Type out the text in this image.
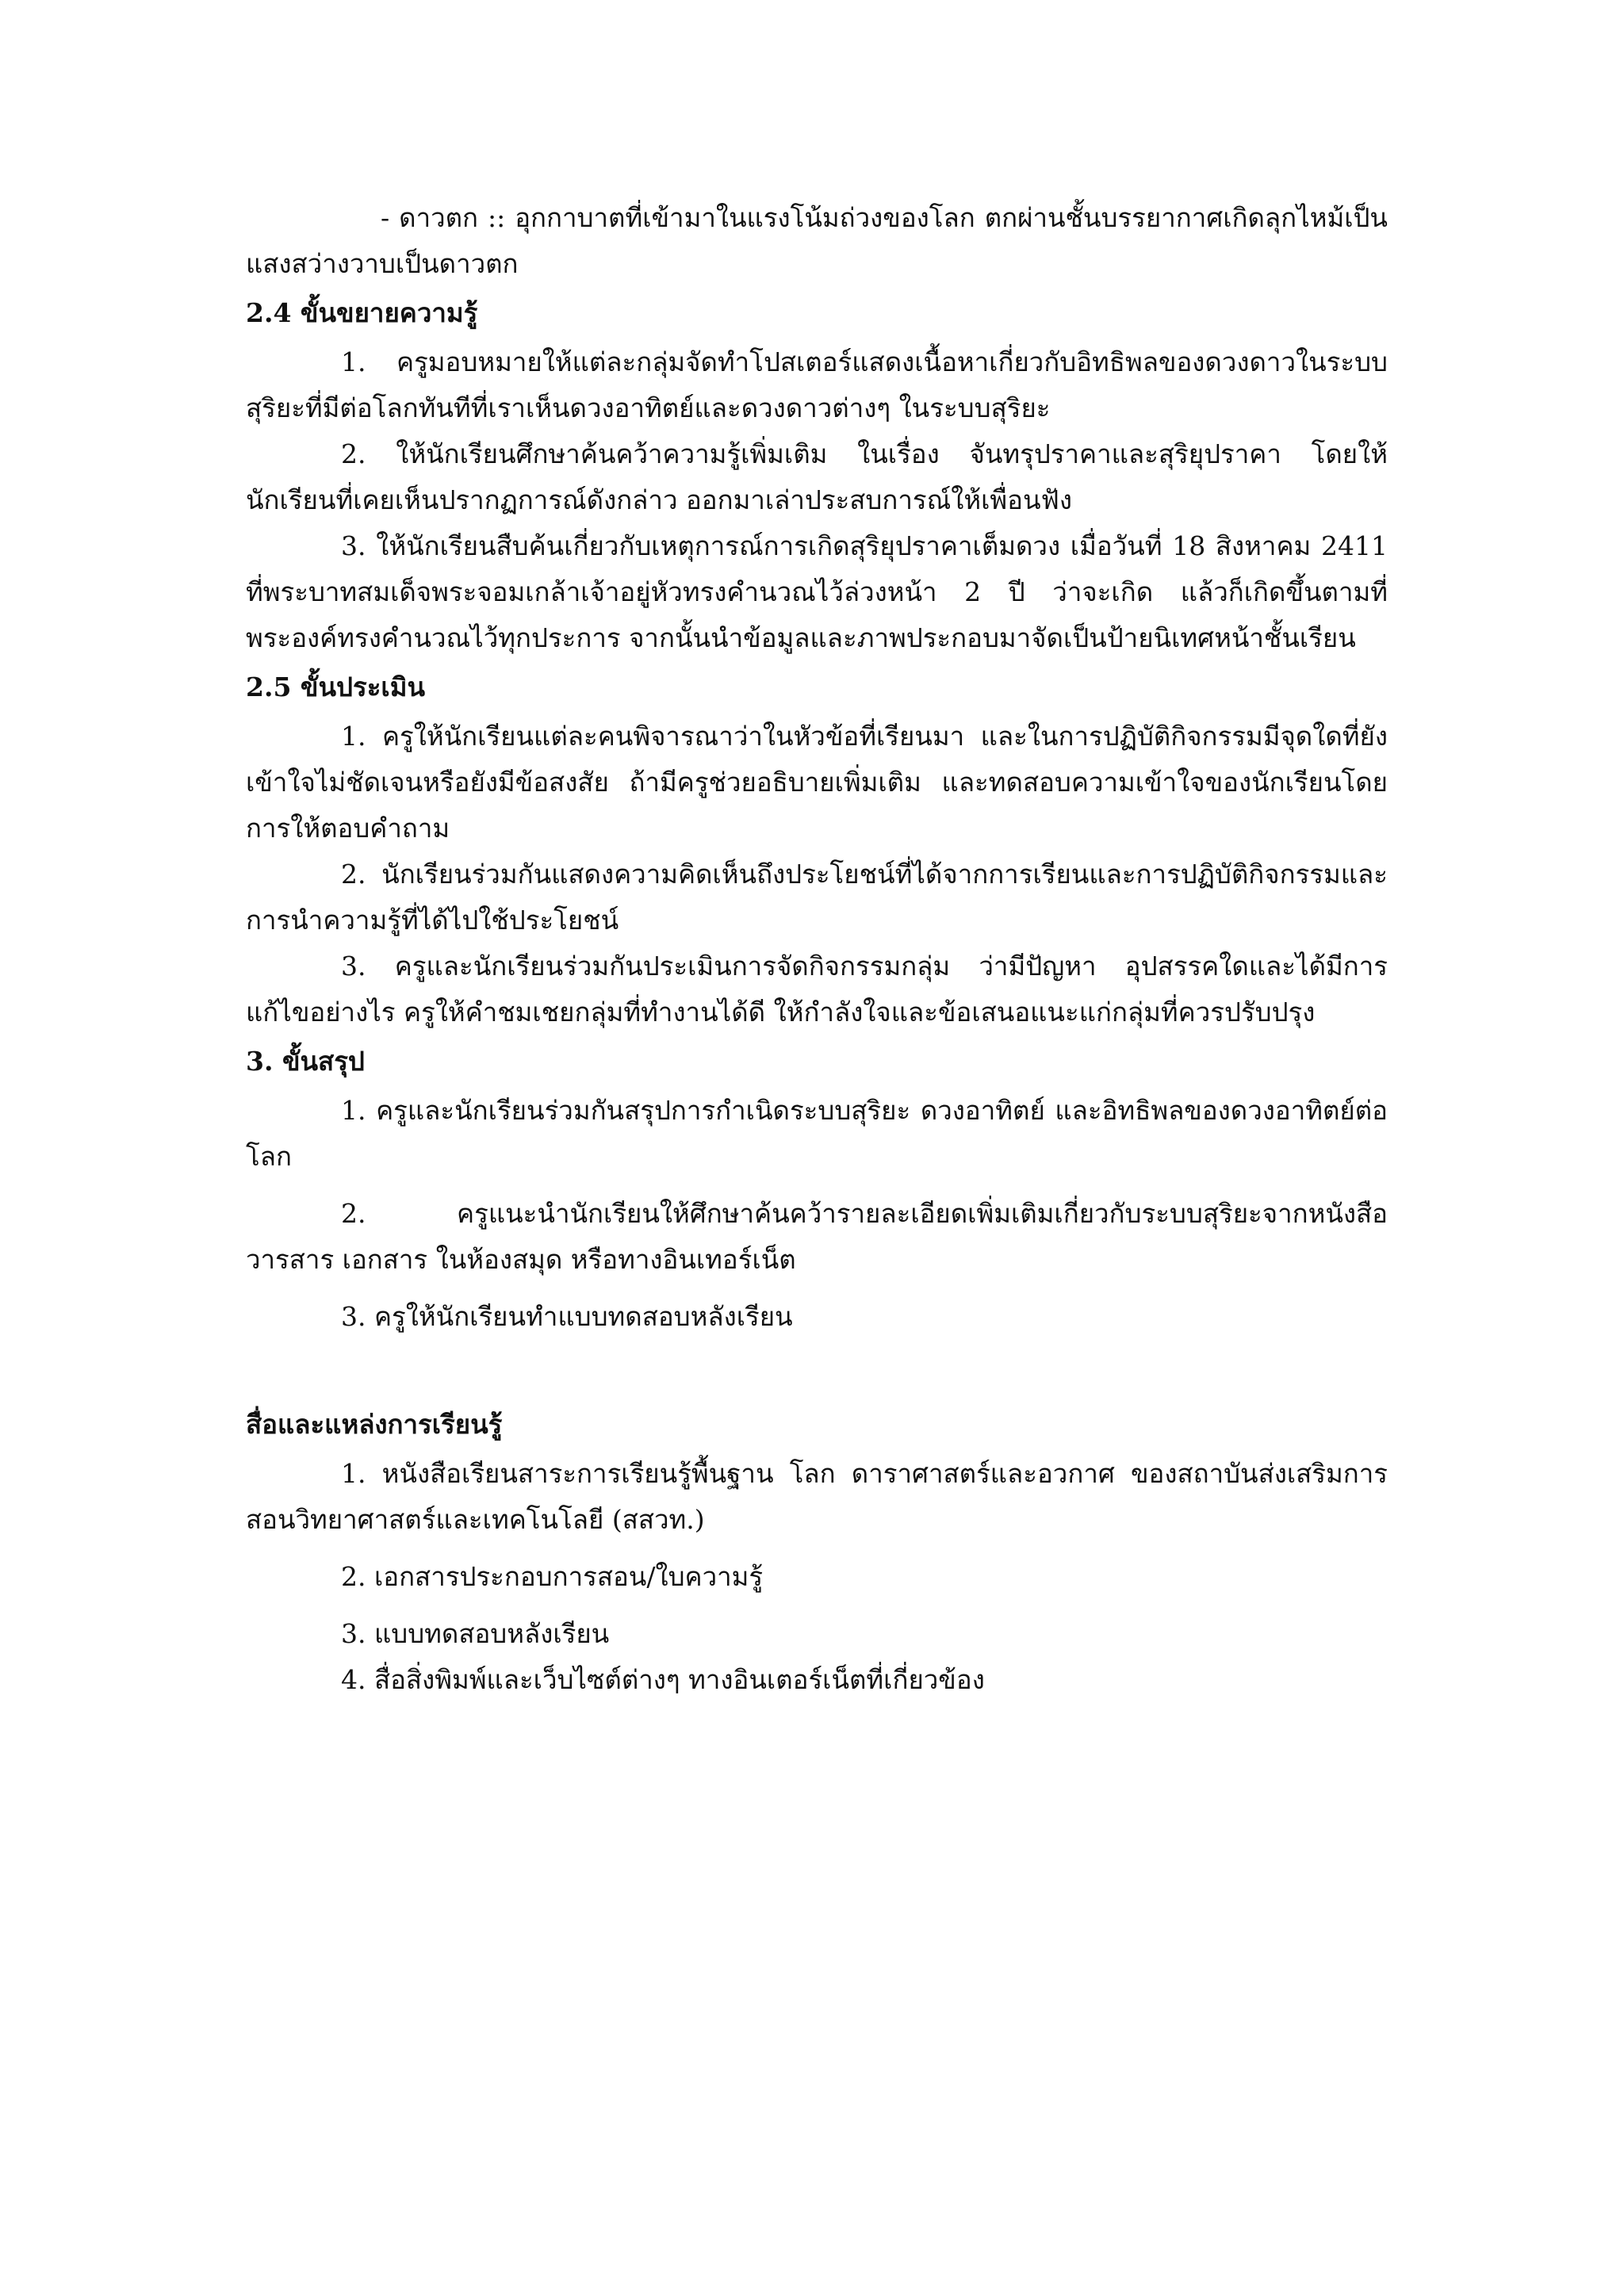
- ดาวตก :: อุกกาบาตที่เข้ามาในแรงโน้มถ่วงของโลก ตกผ่านชั้นบรรยากาศเกิดลุกไหม้เป็นแสงสว่างวาบเป็นดาวตก

2.4 ขั้นขยายความรู้

1. ครูมอบหมายให้แต่ละกลุ่มจัดทำโปสเตอร์แสดงเนื้อหาเกี่ยวกับอิทธิพลของดวงดาวในระบบสุริยะที่มีต่อโลกทันทีที่เราเห็นดวงอาทิตย์และดวงดาวต่างๆ ในระบบสุริยะ

2. ให้นักเรียนศึกษาค้นคว้าความรู้เพิ่มเติม ในเรื่อง จันทรุปราคาและสุริยุปราคา โดยให้นักเรียนที่เคยเห็นปรากฏการณ์ดังกล่าว ออกมาเล่าประสบการณ์ให้เพื่อนฟัง

3. ให้นักเรียนสืบค้นเกี่ยวกับเหตุการณ์การเกิดสุริยุปราคาเต็มดวง เมื่อวันที่ 18 สิงหาคม 2411 ที่พระบาทสมเด็จพระจอมเกล้าเจ้าอยู่หัวทรงคำนวณไว้ล่วงหน้า 2 ปี ว่าจะเกิด แล้วก็เกิดขึ้นตามที่พระองค์ทรงคำนวณไว้ทุกประการ จากนั้นนำข้อมูลและภาพประกอบมาจัดเป็นป้ายนิเทศหน้าชั้นเรียน

2.5 ขั้นประเมิน

1. ครูให้นักเรียนแต่ละคนพิจารณาว่าในหัวข้อที่เรียนมา และในการปฏิบัติกิจกรรมมีจุดใดที่ยังเข้าใจไม่ชัดเจนหรือยังมีข้อสงสัย ถ้ามีครูช่วยอธิบายเพิ่มเติม และทดสอบความเข้าใจของนักเรียนโดยการให้ตอบคำถาม

2. นักเรียนร่วมกันแสดงความคิดเห็นถึงประโยชน์ที่ได้จากการเรียนและการปฏิบัติกิจกรรมและการนำความรู้ที่ได้ไปใช้ประโยชน์

3. ครูและนักเรียนร่วมกันประเมินการจัดกิจกรรมกลุ่ม ว่ามีปัญหา อุปสรรคใดและได้มีการแก้ไขอย่างไร ครูให้คำชมเชยกลุ่มที่ทำงานได้ดี ให้กำลังใจและข้อเสนอแนะแก่กลุ่มที่ควรปรับปรุง

3. ขั้นสรุป

1. ครูและนักเรียนร่วมกันสรุปการกำเนิดระบบสุริยะ ดวงอาทิตย์ และอิทธิพลของดวงอาทิตย์ต่อโลก

2. ครูแนะนำนักเรียนให้ศึกษาค้นคว้ารายละเอียดเพิ่มเติมเกี่ยวกับระบบสุริยะจากหนังสือวารสาร เอกสาร ในห้องสมุด หรือทางอินเทอร์เน็ต

3. ครูให้นักเรียนทำแบบทดสอบหลังเรียน

สื่อและแหล่งการเรียนรู้

1. หนังสือเรียนสาระการเรียนรู้พื้นฐาน โลก ดาราศาสตร์และอวกาศ ของสถาบันส่งเสริมการสอนวิทยาศาสตร์และเทคโนโลยี (สสวท.)

2. เอกสารประกอบการสอน/ใบความรู้

3. แบบทดสอบหลังเรียน

4. สื่อสิ่งพิมพ์และเว็บไซต์ต่างๆ ทางอินเตอร์เน็ตที่เกี่ยวข้อง
